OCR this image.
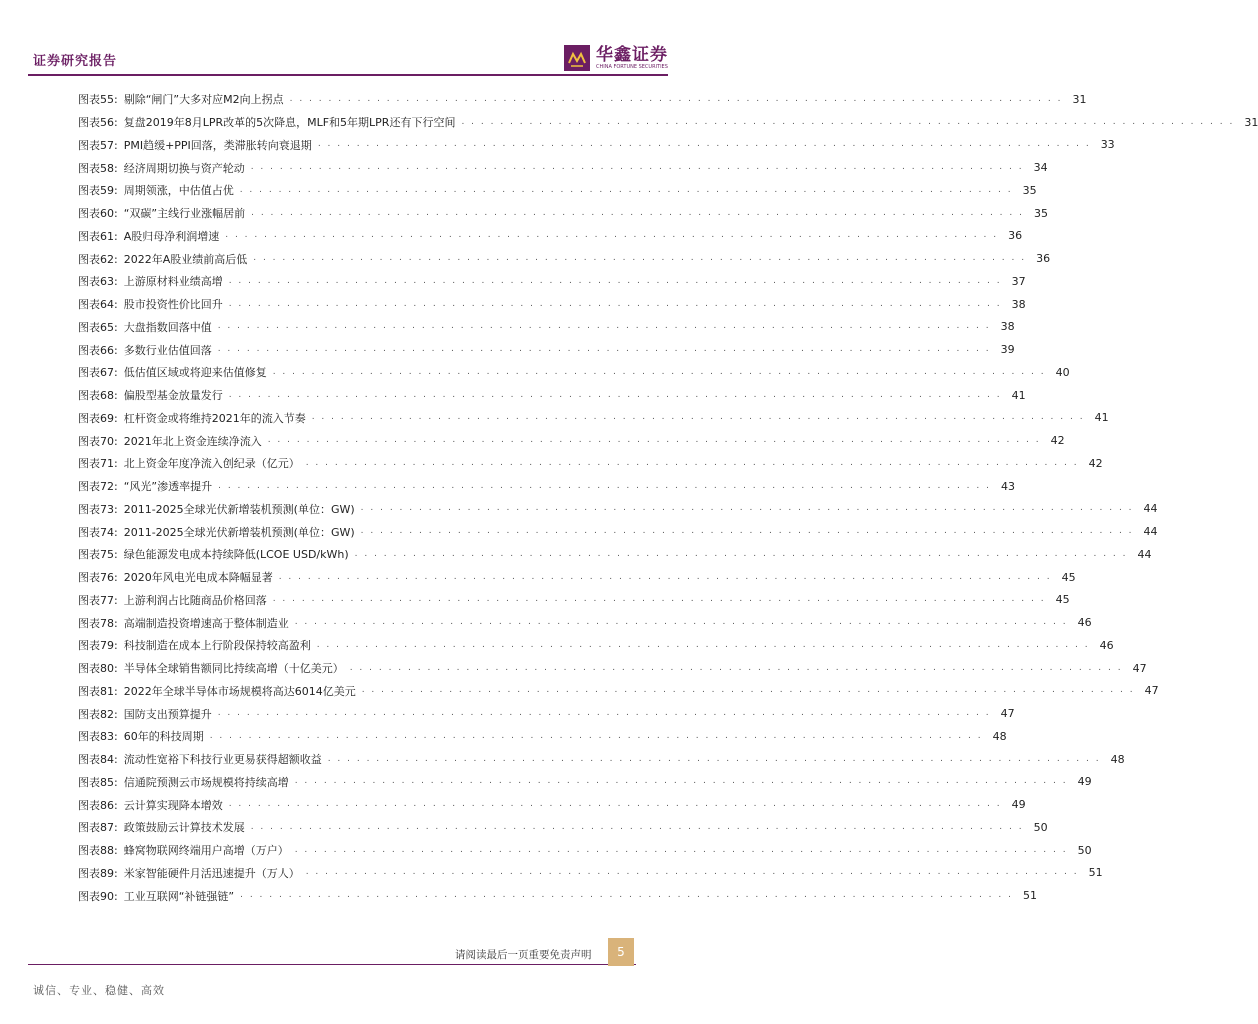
证券研究报告	华鑫证券
CHINA FORTUNE SECURITIES
图表55: 剔除“闸门”大多对应M2向上拐点 . . . . . . . . . . . . . . . . . . . . . . . . . . . . . . . . . . . . . . . . . . . . . . . . . . . . . . . . . . . . . . . . . . . . . . . . . . . . . . . . 31
图表56: 复盘2019年8月LPR改革的5次降息，MLF和5年期LPR还有下行空间 . . . . . . . . . . . . . . . . . . . . . . . . . . . . . . . . . . . . . . . . . . . . . . . . . . . . . . . . . . . . . . . . . . . . . . . . . . . . . . . . 31
图表57: PMI趋缓+PPI回落，类滞胀转向衰退期 . . . . . . . . . . . . . . . . . . . . . . . . . . . . . . . . . . . . . . . . . . . . . . . . . . . . . . . . . . . . . . . . . . . . . . . . . . . . . . . . 33
图表58: 经济周期切换与资产轮动 . . . . . . . . . . . . . . . . . . . . . . . . . . . . . . . . . . . . . . . . . . . . . . . . . . . . . . . . . . . . . . . . . . . . . . . . . . . . . . . . 34
图表59: 周期领涨，中估值占优 . . . . . . . . . . . . . . . . . . . . . . . . . . . . . . . . . . . . . . . . . . . . . . . . . . . . . . . . . . . . . . . . . . . . . . . . . . . . . . . . 35
图表60: “双碳”主线行业涨幅居前 . . . . . . . . . . . . . . . . . . . . . . . . . . . . . . . . . . . . . . . . . . . . . . . . . . . . . . . . . . . . . . . . . . . . . . . . . . . . . . . . 35
图表61: A股归母净利润增速 . . . . . . . . . . . . . . . . . . . . . . . . . . . . . . . . . . . . . . . . . . . . . . . . . . . . . . . . . . . . . . . . . . . . . . . . . . . . . . . . 36
图表62: 2022年A股业绩前高后低 . . . . . . . . . . . . . . . . . . . . . . . . . . . . . . . . . . . . . . . . . . . . . . . . . . . . . . . . . . . . . . . . . . . . . . . . . . . . . . . . 36
图表63: 上游原材料业绩高增 . . . . . . . . . . . . . . . . . . . . . . . . . . . . . . . . . . . . . . . . . . . . . . . . . . . . . . . . . . . . . . . . . . . . . . . . . . . . . . . . 37
图表64: 股市投资性价比回升 . . . . . . . . . . . . . . . . . . . . . . . . . . . . . . . . . . . . . . . . . . . . . . . . . . . . . . . . . . . . . . . . . . . . . . . . . . . . . . . . 38
图表65: 大盘指数回落中值 . . . . . . . . . . . . . . . . . . . . . . . . . . . . . . . . . . . . . . . . . . . . . . . . . . . . . . . . . . . . . . . . . . . . . . . . . . . . . . . . 38
图表66: 多数行业估值回落 . . . . . . . . . . . . . . . . . . . . . . . . . . . . . . . . . . . . . . . . . . . . . . . . . . . . . . . . . . . . . . . . . . . . . . . . . . . . . . . . 39
图表67: 低估值区域或将迎来估值修复 . . . . . . . . . . . . . . . . . . . . . . . . . . . . . . . . . . . . . . . . . . . . . . . . . . . . . . . . . . . . . . . . . . . . . . . . . . . . . . . . 40
图表68: 偏股型基金放量发行 . . . . . . . . . . . . . . . . . . . . . . . . . . . . . . . . . . . . . . . . . . . . . . . . . . . . . . . . . . . . . . . . . . . . . . . . . . . . . . . . 41
图表69: 杠杆资金或将维持2021年的流入节奏 . . . . . . . . . . . . . . . . . . . . . . . . . . . . . . . . . . . . . . . . . . . . . . . . . . . . . . . . . . . . . . . . . . . . . . . . . . . . . . . . 41
图表70: 2021年北上资金连续净流入 . . . . . . . . . . . . . . . . . . . . . . . . . . . . . . . . . . . . . . . . . . . . . . . . . . . . . . . . . . . . . . . . . . . . . . . . . . . . . . . . 42
图表71: 北上资金年度净流入创纪录（亿元） . . . . . . . . . . . . . . . . . . . . . . . . . . . . . . . . . . . . . . . . . . . . . . . . . . . . . . . . . . . . . . . . . . . . . . . . . . . . . . . . 42
图表72: “风光”渗透率提升 . . . . . . . . . . . . . . . . . . . . . . . . . . . . . . . . . . . . . . . . . . . . . . . . . . . . . . . . . . . . . . . . . . . . . . . . . . . . . . . . 43
图表73: 2011-2025全球光伏新增装机预测(单位：GW) . . . . . . . . . . . . . . . . . . . . . . . . . . . . . . . . . . . . . . . . . . . . . . . . . . . . . . . . . . . . . . . . . . . . . . . . . . . . . . . . 44
图表74: 2011-2025全球光伏新增装机预测(单位：GW) . . . . . . . . . . . . . . . . . . . . . . . . . . . . . . . . . . . . . . . . . . . . . . . . . . . . . . . . . . . . . . . . . . . . . . . . . . . . . . . . 44
图表75: 绿色能源发电成本持续降低(LCOE USD/kWh) . . . . . . . . . . . . . . . . . . . . . . . . . . . . . . . . . . . . . . . . . . . . . . . . . . . . . . . . . . . . . . . . . . . . . . . . . . . . . . . . 44
图表76: 2020年风电光电成本降幅显著 . . . . . . . . . . . . . . . . . . . . . . . . . . . . . . . . . . . . . . . . . . . . . . . . . . . . . . . . . . . . . . . . . . . . . . . . . . . . . . . . 45
图表77: 上游利润占比随商品价格回落 . . . . . . . . . . . . . . . . . . . . . . . . . . . . . . . . . . . . . . . . . . . . . . . . . . . . . . . . . . . . . . . . . . . . . . . . . . . . . . . . 45
图表78: 高端制造投资增速高于整体制造业 . . . . . . . . . . . . . . . . . . . . . . . . . . . . . . . . . . . . . . . . . . . . . . . . . . . . . . . . . . . . . . . . . . . . . . . . . . . . . . . . 46
图表79: 科技制造在成本上行阶段保持较高盈利 . . . . . . . . . . . . . . . . . . . . . . . . . . . . . . . . . . . . . . . . . . . . . . . . . . . . . . . . . . . . . . . . . . . . . . . . . . . . . . . . 46
图表80: 半导体全球销售额同比持续高增（十亿美元） . . . . . . . . . . . . . . . . . . . . . . . . . . . . . . . . . . . . . . . . . . . . . . . . . . . . . . . . . . . . . . . . . . . . . . . . . . . . . . . . 47
图表81: 2022年全球半导体市场规模将高达6014亿美元 . . . . . . . . . . . . . . . . . . . . . . . . . . . . . . . . . . . . . . . . . . . . . . . . . . . . . . . . . . . . . . . . . . . . . . . . . . . . . . . . 47
图表82: 国防支出预算提升 . . . . . . . . . . . . . . . . . . . . . . . . . . . . . . . . . . . . . . . . . . . . . . . . . . . . . . . . . . . . . . . . . . . . . . . . . . . . . . . . 47
图表83: 60年的科技周期 . . . . . . . . . . . . . . . . . . . . . . . . . . . . . . . . . . . . . . . . . . . . . . . . . . . . . . . . . . . . . . . . . . . . . . . . . . . . . . . . 48
图表84: 流动性宽裕下科技行业更易获得超额收益 . . . . . . . . . . . . . . . . . . . . . . . . . . . . . . . . . . . . . . . . . . . . . . . . . . . . . . . . . . . . . . . . . . . . . . . . . . . . . . . . 48
图表85: 信通院预测云市场规模将持续高增 . . . . . . . . . . . . . . . . . . . . . . . . . . . . . . . . . . . . . . . . . . . . . . . . . . . . . . . . . . . . . . . . . . . . . . . . . . . . . . . . 49
图表86: 云计算实现降本增效 . . . . . . . . . . . . . . . . . . . . . . . . . . . . . . . . . . . . . . . . . . . . . . . . . . . . . . . . . . . . . . . . . . . . . . . . . . . . . . . . 49
图表87: 政策鼓励云计算技术发展 . . . . . . . . . . . . . . . . . . . . . . . . . . . . . . . . . . . . . . . . . . . . . . . . . . . . . . . . . . . . . . . . . . . . . . . . . . . . . . . . 50
图表88: 蜂窝物联网终端用户高增（万户） . . . . . . . . . . . . . . . . . . . . . . . . . . . . . . . . . . . . . . . . . . . . . . . . . . . . . . . . . . . . . . . . . . . . . . . . . . . . . . . . 50
图表89: 米家智能硬件月活迅速提升（万人） . . . . . . . . . . . . . . . . . . . . . . . . . . . . . . . . . . . . . . . . . . . . . . . . . . . . . . . . . . . . . . . . . . . . . . . . . . . . . . . . 51
图表90: 工业互联网“补链强链” . . . . . . . . . . . . . . . . . . . . . . . . . . . . . . . . . . . . . . . . . . . . . . . . . . . . . . . . . . . . . . . . . . . . . . . . . . . . . . . . 51
请阅读最后一页重要免责声明	5
诚信、专业、稳健、高效
